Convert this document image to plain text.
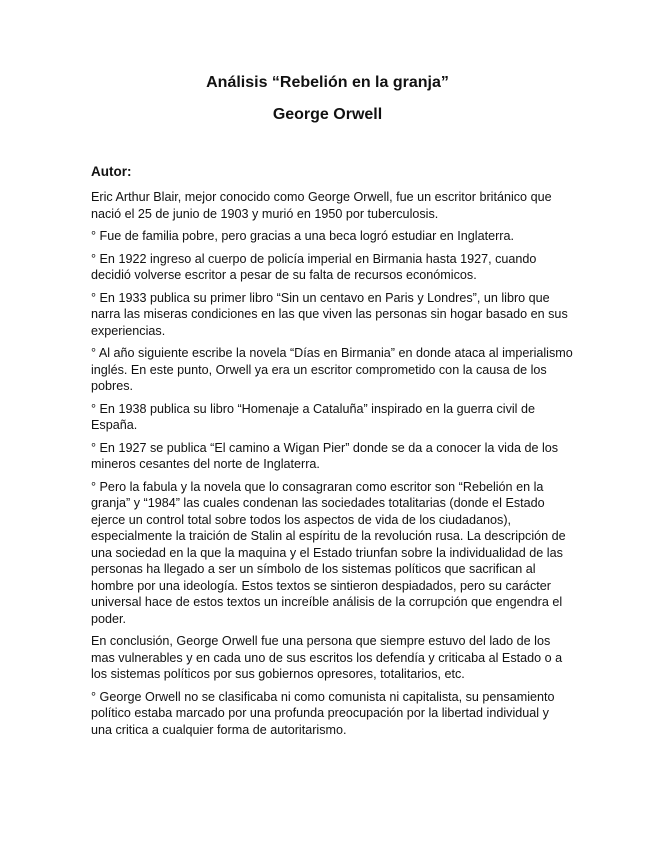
Análisis “Rebelión en la granja”
George Orwell
Autor:

Eric Arthur Blair, mejor conocido como George Orwell, fue un escritor británico que nació el 25 de junio de 1903 y murió en 1950 por tuberculosis.

° Fue de familia pobre, pero gracias a una beca logró estudiar en Inglaterra.

° En 1922 ingreso al cuerpo de policía imperial en Birmania hasta 1927, cuando decidió volverse escritor a pesar de su falta de recursos económicos.

° En 1933 publica su primer libro “Sin un centavo en Paris y Londres”, un libro que narra las miseras condiciones en las que viven las personas sin hogar basado en sus experiencias.

° Al año siguiente escribe la novela “Días en Birmania” en donde ataca al imperialismo inglés. En este punto, Orwell ya era un escritor comprometido con la causa de los pobres.

° En 1938 publica su libro “Homenaje a Cataluña” inspirado en la guerra civil de España.

° En 1927 se publica “El camino a Wigan Pier” donde se da a conocer la vida de los mineros cesantes del norte de Inglaterra.

° Pero la fabula y la novela que lo consagraran como escritor son “Rebelión en la granja” y “1984” las cuales condenan las sociedades totalitarias (donde el Estado ejerce un control total sobre todos los aspectos de vida de los ciudadanos), especialmente la traición de Stalin al espíritu de la revolución rusa. La descripción de una sociedad en la que la maquina y el Estado triunfan sobre la individualidad de las personas ha llegado a ser un símbolo de los sistemas políticos que sacrifican al hombre por una ideología. Estos textos se sintieron despiadados, pero su carácter universal hace de estos textos un increíble análisis de la corrupción que engendra el poder.

En conclusión, George Orwell fue una persona que siempre estuvo del lado de los mas vulnerables y en cada uno de sus escritos los defendía y criticaba al Estado o a los sistemas políticos por sus gobiernos opresores, totalitarios, etc.

° George Orwell no se clasificaba ni como comunista ni capitalista, su pensamiento político estaba marcado por una profunda preocupación por la libertad individual y una critica a cualquier forma de autoritarismo.
